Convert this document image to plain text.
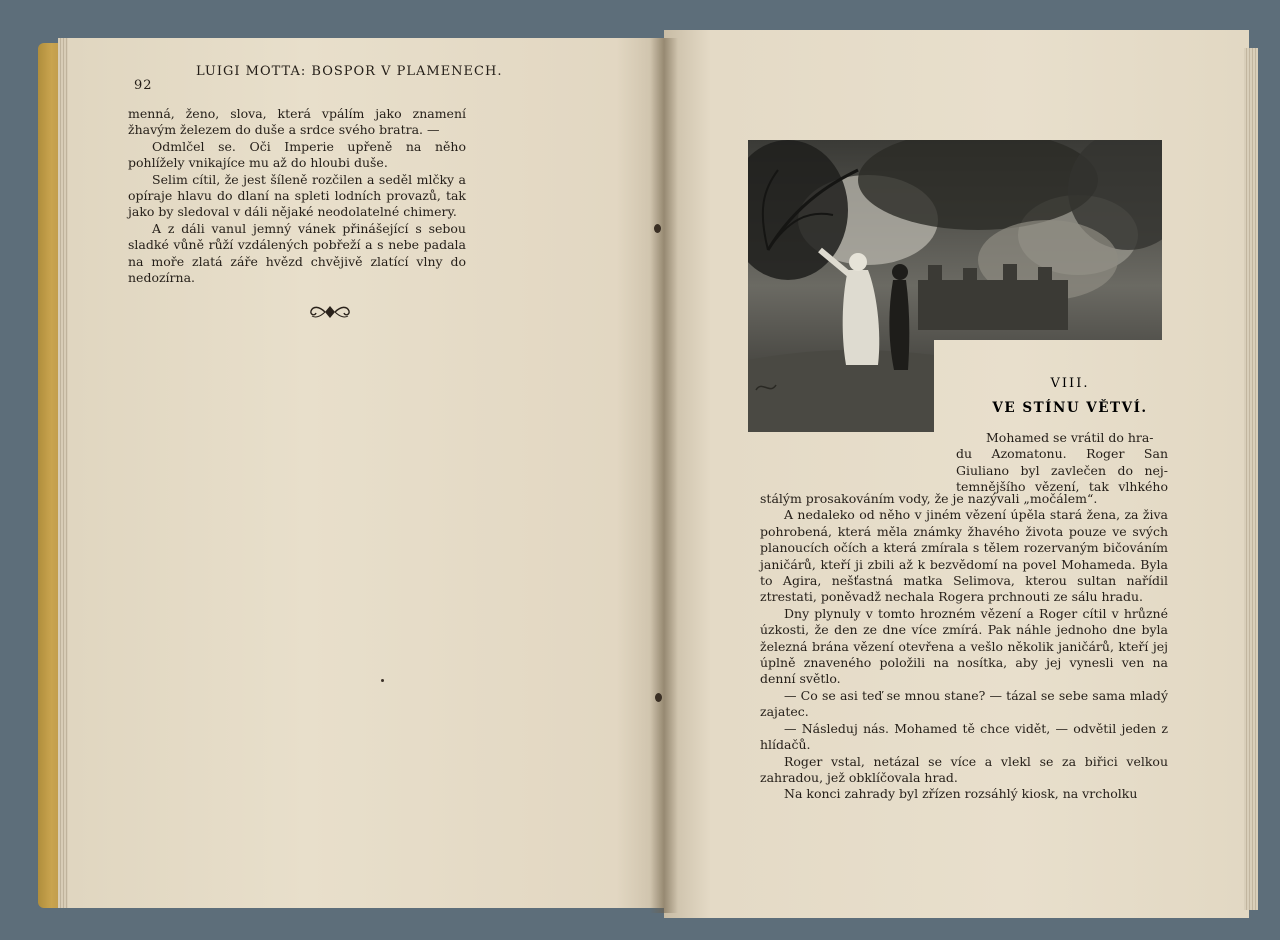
92
LUIGI MOTTA: BOSPOR V PLAMENECH.

menná, ženo, slova, která vpálím jako znamení žhavým železem do duše a srdce svého bratra. —

Odmlčel se. Oči Imperie upřeně na něho pohlížely vnikajíce mu až do hloubi duše.

Selim cítil, že jest šíleně rozčilen a seděl mlčky a opíraje hlavu do dlaní na spleti lodních provazů, tak jako by sledoval v dáli nějaké neodolatelné chimery.

A z dáli vanul jemný vánek přinášející s sebou sladké vůně růží vzdálených pobřeží a s nebe padala na moře zlatá záře hvězd chvějivě zlatící vlny do nedozírna.

VIII.
VE STÍNU VĚTVÍ.
Mohamed se vrátil do hra-
du Azomatonu. Roger San
Giuliano byl zavlečen do nej-
temnějšího vězení, tak vlhkého

stálým prosakováním vody, že je nazývali „močálem“.

A nedaleko od něho v jiném vězení úpěla stará žena, za živa pohrobená, která měla známky žhavého života pouze ve svých planoucích očích a která zmírala s tělem rozervaným bičováním janičárů, kteří ji zbili až k bezvědomí na povel Mohameda. Byla to Agira, nešťastná matka Selimova, kterou sultan nařídil ztrestati, poněvadž nechala Rogera prchnouti ze sálu hradu.

Dny plynuly v tomto hrozném vězení a Roger cítil v hrůzné úzkosti, že den ze dne více zmírá. Pak náhle jednoho dne byla železná brána vězení otevřena a vešlo několik janičárů, kteří jej úplně znaveného položili na nosítka, aby jej vynesli ven na denní světlo.

— Co se asi teď se mnou stane? — tázal se sebe sama mladý zajatec.

— Následuj nás. Mohamed tě chce vidět, — odvětil jeden z hlídačů.

Roger vstal, netázal se více a vlekl se za biřici velkou zahradou, jež obklíčovala hrad.

Na konci zahrady byl zřízen rozsáhlý kiosk, na vrcholku
